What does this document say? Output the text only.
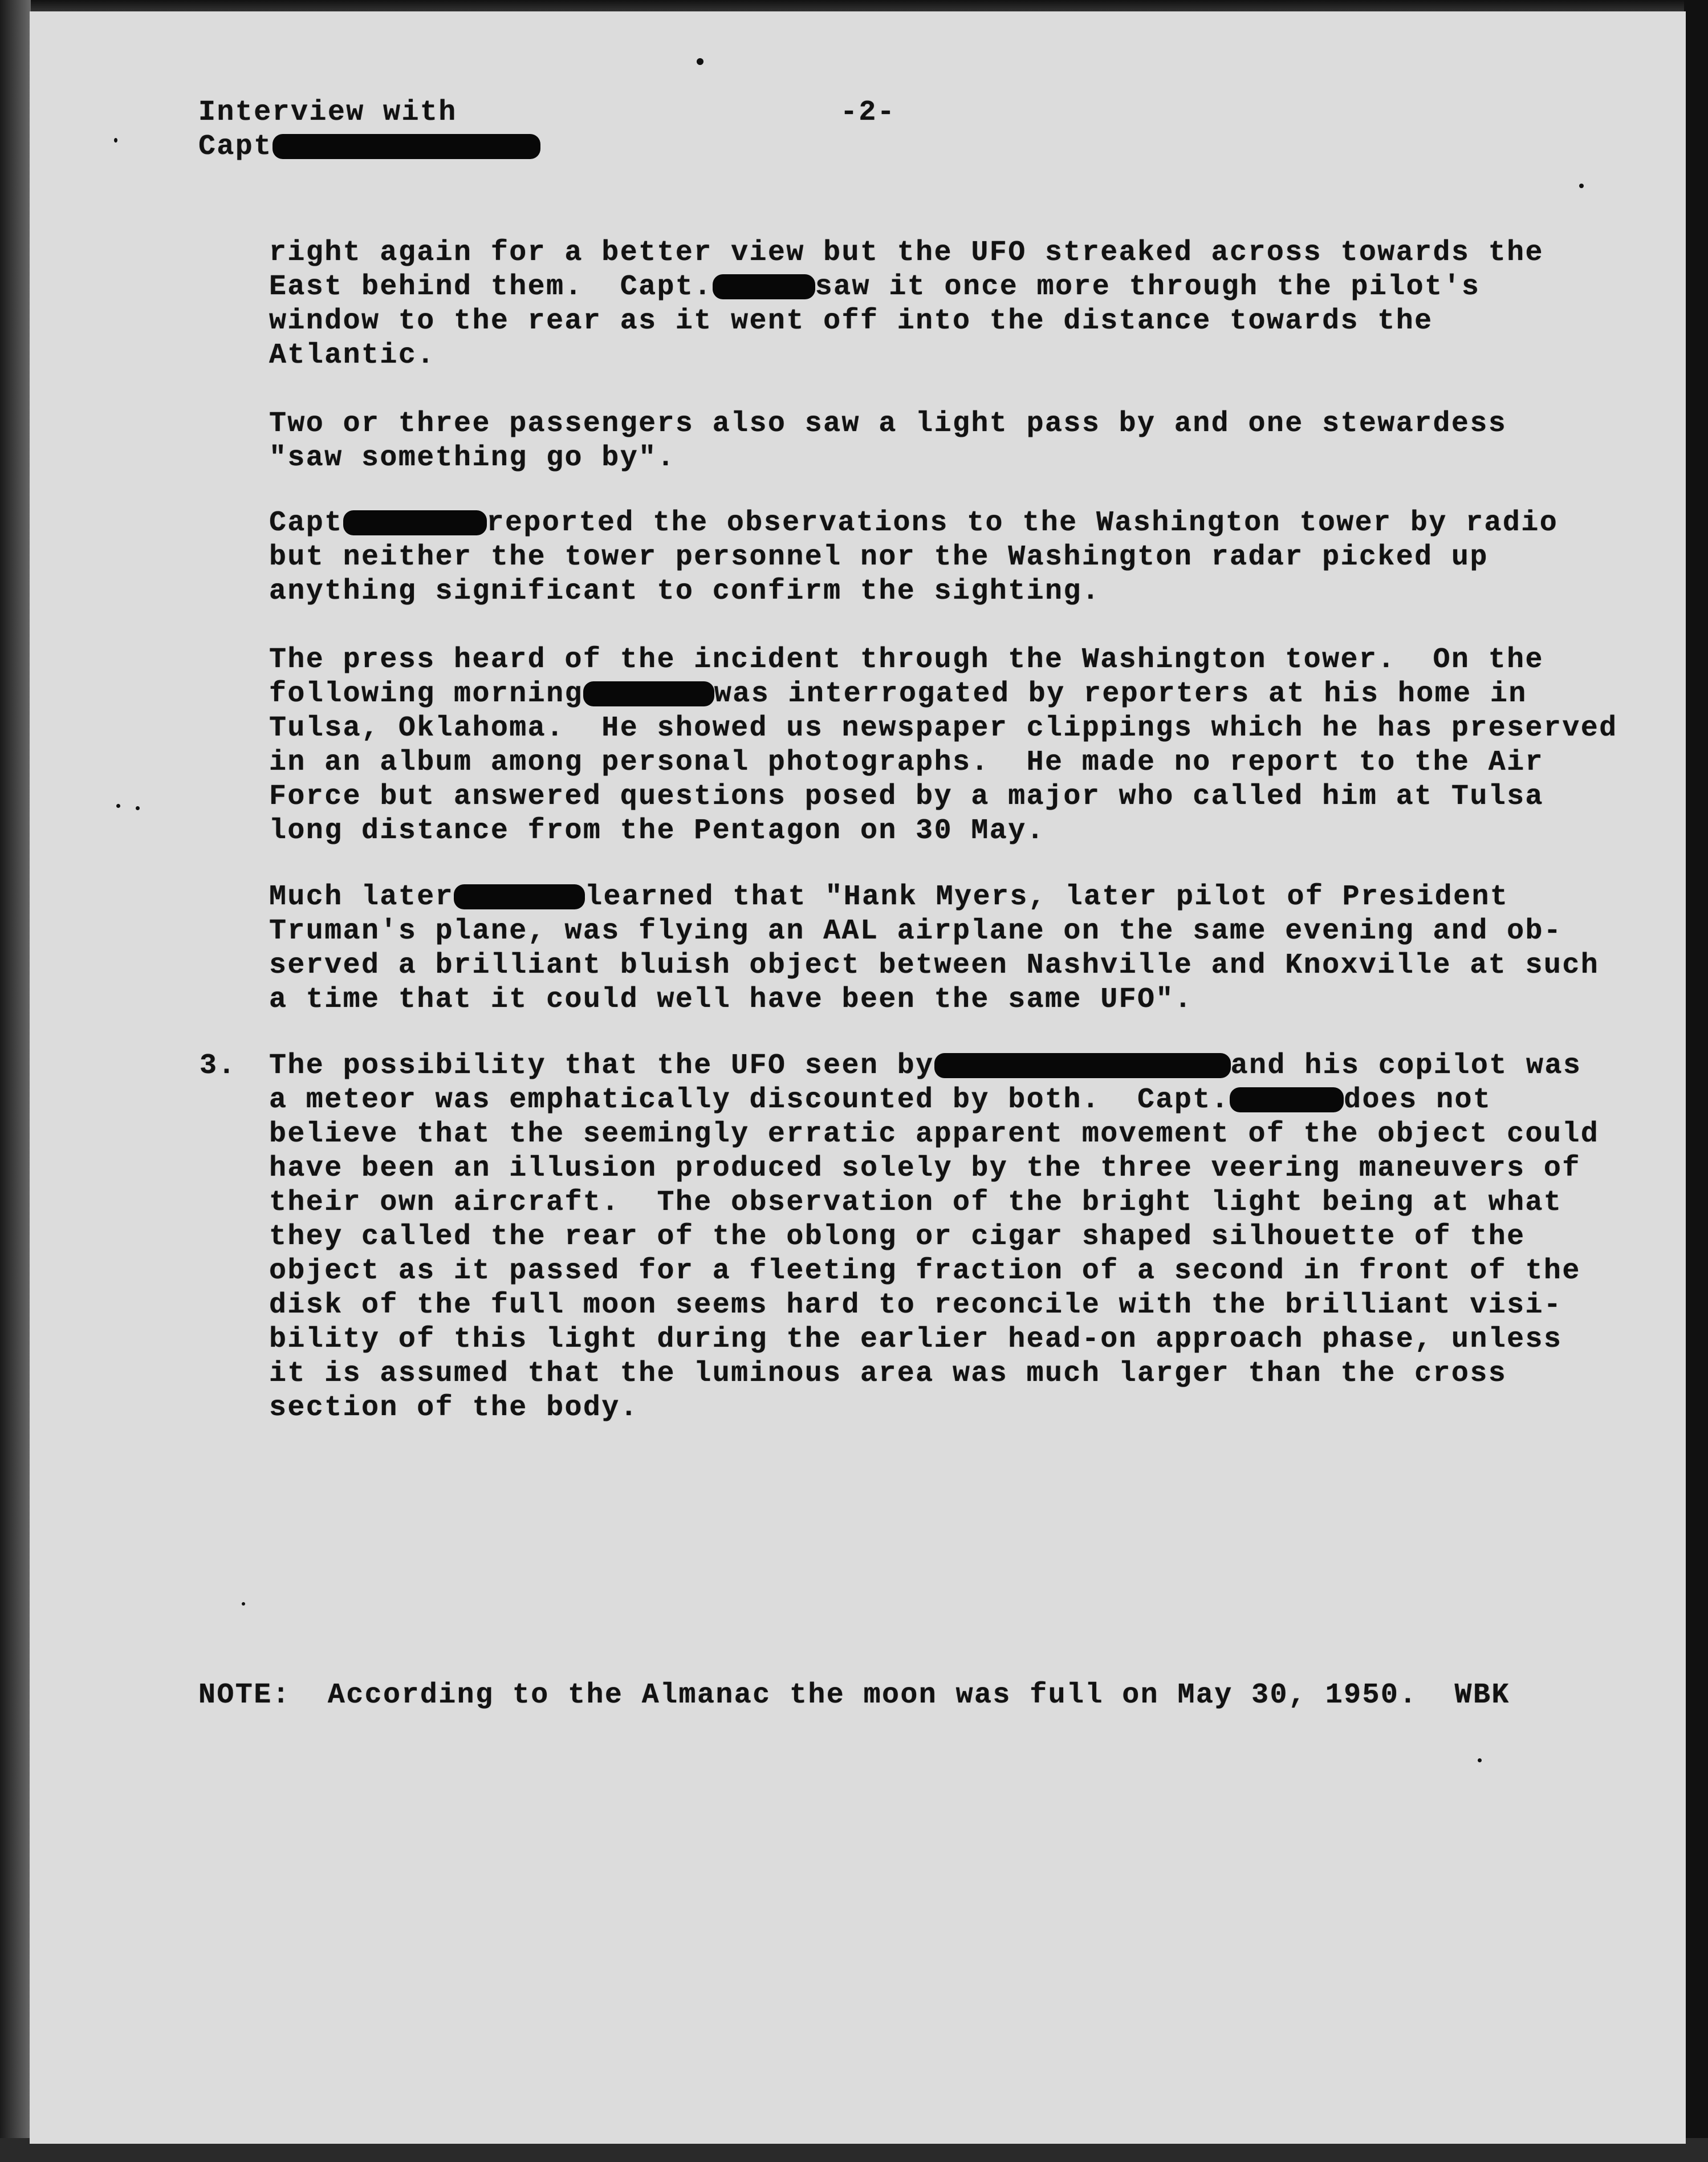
Interview with
Capt
-2-
right again for a better view but the UFO streaked across towards the
East behind them.  Capt.	saw it once more through the pilot's
window to the rear as it went off into the distance towards the
Atlantic.
Two or three passengers also saw a light pass by and one stewardess
"saw something go by".
Capt	reported the observations to the Washington tower by radio
but neither the tower personnel nor the Washington radar picked up
anything significant to confirm the sighting.
The press heard of the incident through the Washington tower.  On the
following morning	was interrogated by reporters at his home in
Tulsa, Oklahoma.  He showed us newspaper clippings which he has preserved
in an album among personal photographs.  He made no report to the Air
Force but answered questions posed by a major who called him at Tulsa
long distance from the Pentagon on 30 May.
Much later	learned that "Hank Myers, later pilot of President
Truman's plane, was flying an AAL airplane on the same evening and ob-
served a brilliant bluish object between Nashville and Knoxville at such
a time that it could well have been the same UFO".
3. The possibility that the UFO seen by	and his copilot was
a meteor was emphatically discounted by both.  Capt.	does not
believe that the seemingly erratic apparent movement of the object could
have been an illusion produced solely by the three veering maneuvers of
their own aircraft.  The observation of the bright light being at what
they called the rear of the oblong or cigar shaped silhouette of the
object as it passed for a fleeting fraction of a second in front of the
disk of the full moon seems hard to reconcile with the brilliant visi-
bility of this light during the earlier head-on approach phase, unless
it is assumed that the luminous area was much larger than the cross
section of the body.
NOTE:  According to the Almanac the moon was full on May 30, 1950.  WBK
